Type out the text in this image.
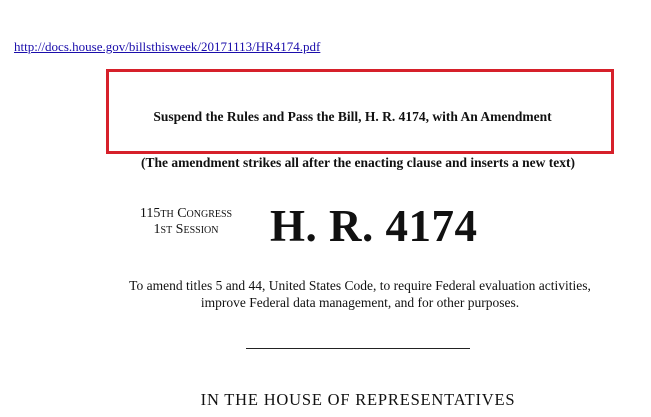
http://docs.house.gov/billsthisweek/20171113/HR4174.pdf
Suspend the Rules and Pass the Bill, H. R. 4174, with An Amendment
(The amendment strikes all after the enacting clause and inserts a new text)
115th Congress
1st Session	H. R. 4174
To amend titles 5 and 44, United States Code, to require Federal evaluation activities, improve Federal data management, and for other purposes.
IN THE HOUSE OF REPRESENTATIVES
